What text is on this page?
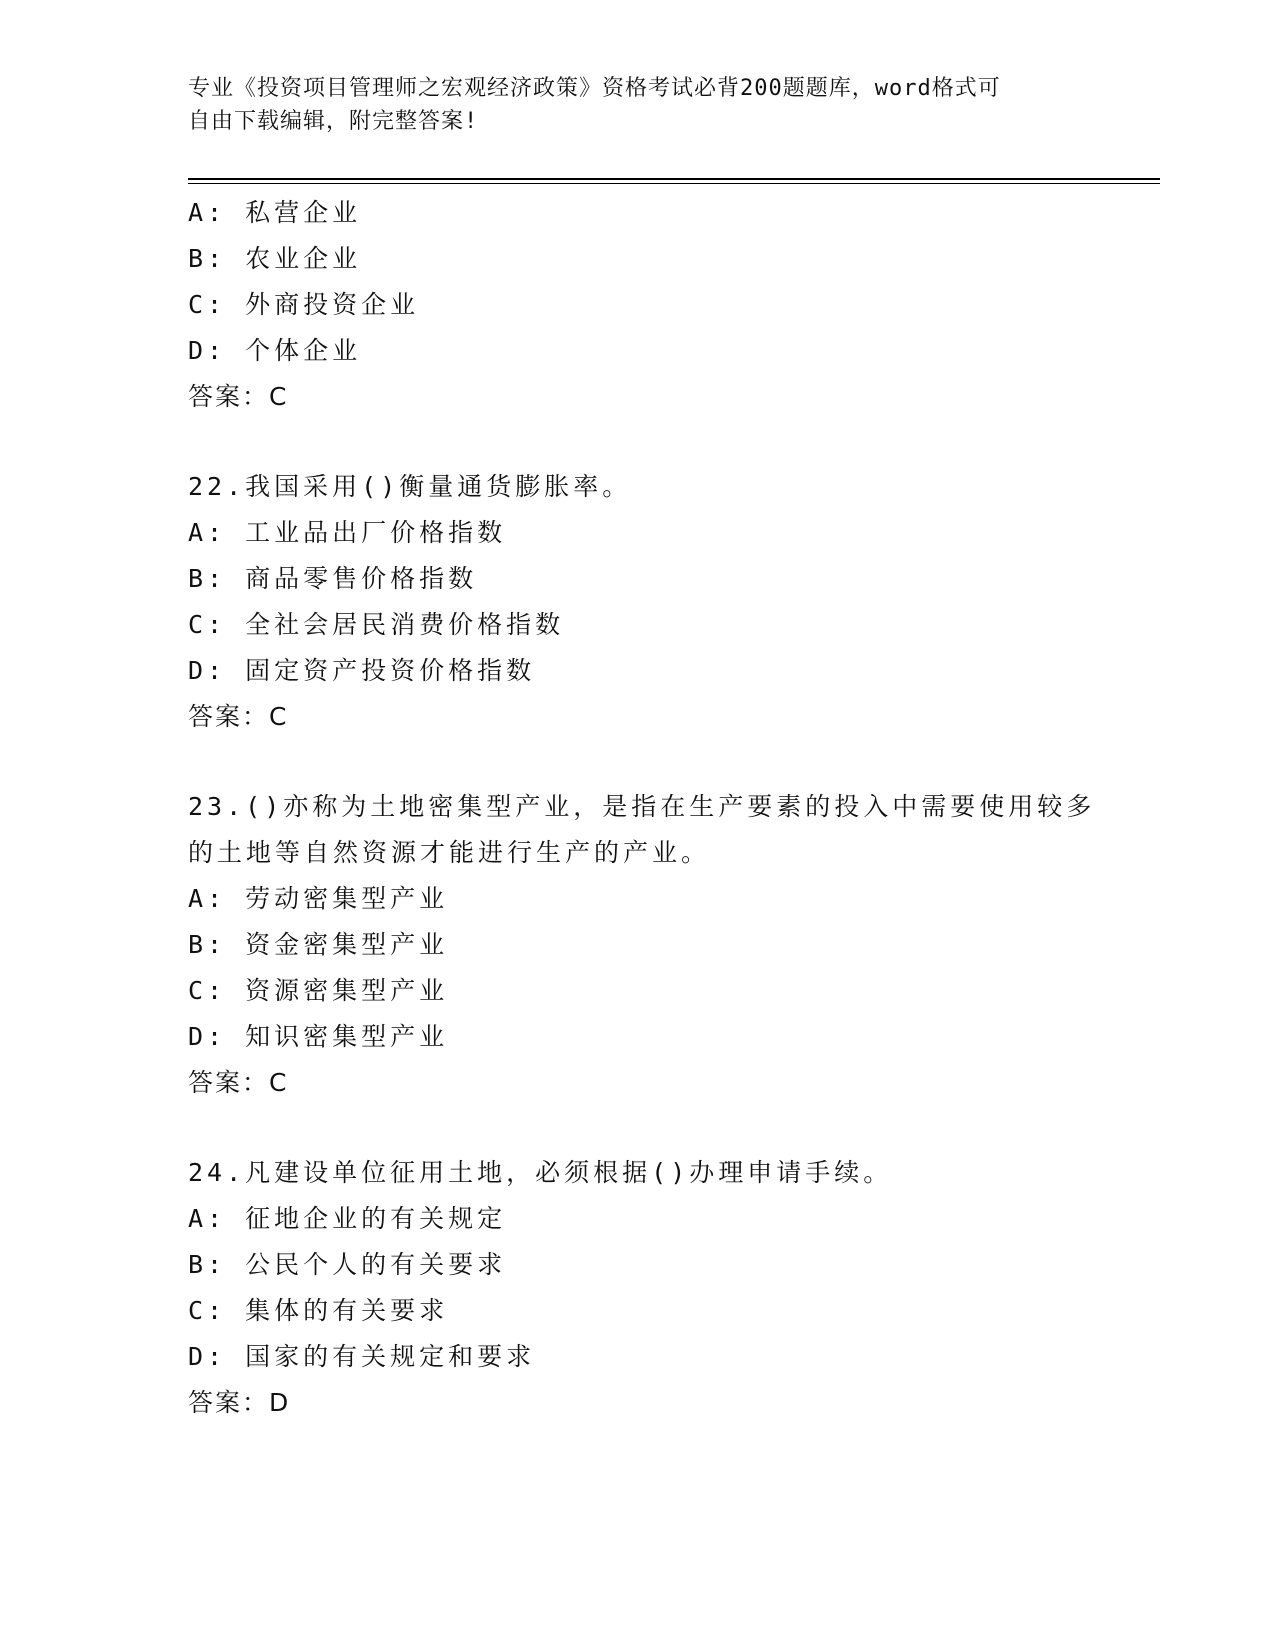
专业《投资项目管理师之宏观经济政策》资格考试必背200题题库，word格式可
自由下载编辑，附完整答案!
A: 私营企业
B: 农业企业
C: 外商投资企业
D: 个体企业
答案：C
22.我国采用()衡量通货膨胀率。
A: 工业品出厂价格指数
B: 商品零售价格指数
C: 全社会居民消费价格指数
D: 固定资产投资价格指数
答案：C
23.()亦称为土地密集型产业，是指在生产要素的投入中需要使用较多
的土地等自然资源才能进行生产的产业。
A: 劳动密集型产业
B: 资金密集型产业
C: 资源密集型产业
D: 知识密集型产业
答案：C
24.凡建设单位征用土地，必须根据()办理申请手续。
A: 征地企业的有关规定
B: 公民个人的有关要求
C: 集体的有关要求
D: 国家的有关规定和要求
答案：D
